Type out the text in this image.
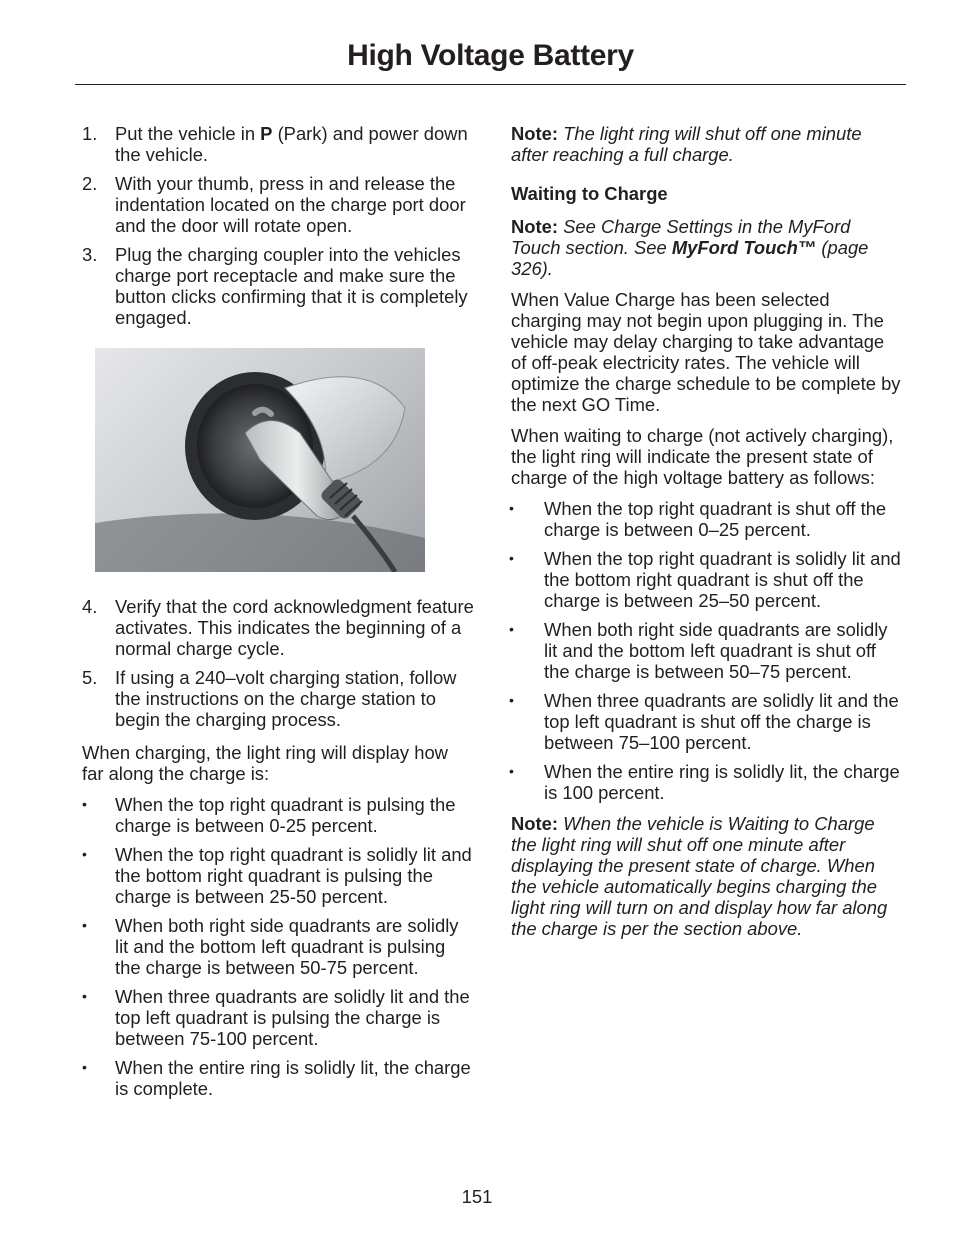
High Voltage Battery
1. Put the vehicle in P (Park) and power down the vehicle.
2. With your thumb, press in and release the indentation located on the charge port door and the door will rotate open.
3. Plug the charging coupler into the vehicles charge port receptacle and make sure the button clicks confirming that it is completely engaged.
4. Verify that the cord acknowledgment feature activates. This indicates the beginning of a normal charge cycle.
5. If using a 240–volt charging station, follow the instructions on the charge station to begin the charging process.

When charging, the light ring will display how far along the charge is:

• When the top right quadrant is pulsing the charge is between 0-25 percent.
• When the top right quadrant is solidly lit and the bottom right quadrant is pulsing the charge is between 25-50 percent.
• When both right side quadrants are solidly lit and the bottom left quadrant is pulsing the charge is between 50-75 percent.
• When three quadrants are solidly lit and the top left quadrant is pulsing the charge is between 75-100 percent.
• When the entire ring is solidly lit, the charge is complete.

Note: The light ring will shut off one minute after reaching a full charge.

Waiting to Charge

Note: See Charge Settings in the MyFord Touch section. See MyFord Touch™ (page 326).

When Value Charge has been selected charging may not begin upon plugging in. The vehicle may delay charging to take advantage of off-peak electricity rates. The vehicle will optimize the charge schedule to be complete by the next GO Time.

When waiting to charge (not actively charging), the light ring will indicate the present state of charge of the high voltage battery as follows:

• When the top right quadrant is shut off the charge is between 0–25 percent.
• When the top right quadrant is solidly lit and the bottom right quadrant is shut off the charge is between 25–50 percent.
• When both right side quadrants are solidly lit and the bottom left quadrant is shut off the charge is between 50–75 percent.
• When three quadrants are solidly lit and the top left quadrant is shut off the charge is between 75–100 percent.
• When the entire ring is solidly lit, the charge is 100 percent.

Note: When the vehicle is Waiting to Charge the light ring will shut off one minute after displaying the present state of charge. When the vehicle automatically begins charging the light ring will turn on and display how far along the charge is per the section above.

151
